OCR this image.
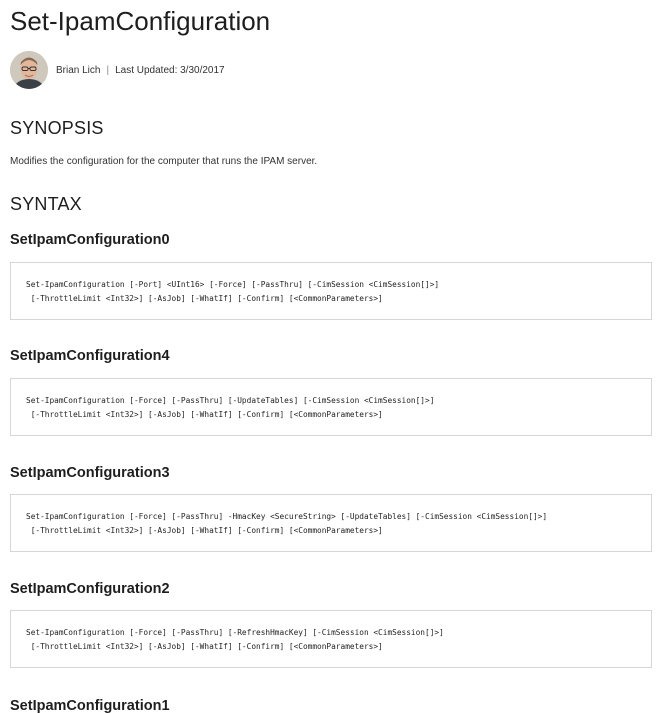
Set-IpamConfiguration
Brian Lich | Last Updated: 3/30/2017
SYNOPSIS

Modifies the configuration for the computer that runs the IPAM server.

SYNTAX
SetIpamConfiguration0
Set-IpamConfiguration [-Port] <UInt16> [-Force] [-PassThru] [-CimSession <CimSession[]>]
[-ThrottleLimit <Int32>] [-AsJob] [-WhatIf] [-Confirm] [<CommonParameters>]
SetIpamConfiguration4
Set-IpamConfiguration [-Force] [-PassThru] [-UpdateTables] [-CimSession <CimSession[]>]
[-ThrottleLimit <Int32>] [-AsJob] [-WhatIf] [-Confirm] [<CommonParameters>]
SetIpamConfiguration3
Set-IpamConfiguration [-Force] [-PassThru] -HmacKey <SecureString> [-UpdateTables] [-CimSession <CimSession[]>]
[-ThrottleLimit <Int32>] [-AsJob] [-WhatIf] [-Confirm] [<CommonParameters>]
SetIpamConfiguration2
Set-IpamConfiguration [-Force] [-PassThru] [-RefreshHmacKey] [-CimSession <CimSession[]>]
[-ThrottleLimit <Int32>] [-AsJob] [-WhatIf] [-Confirm] [<CommonParameters>]
SetIpamConfiguration1
